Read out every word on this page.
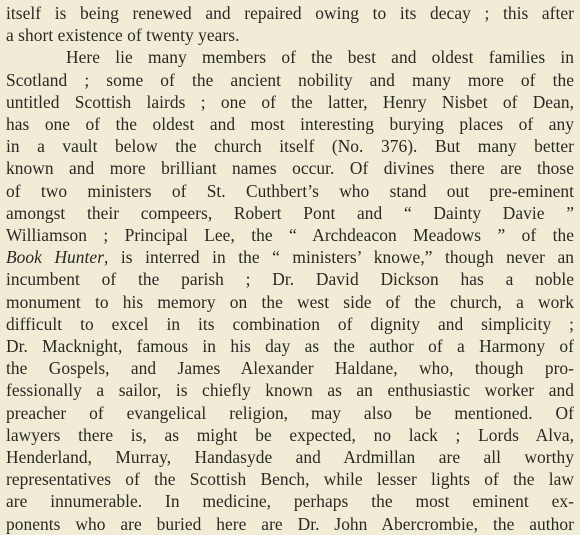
itself is being renewed and repaired owing to its decay ; this after
a short existence of twenty years.
Here lie many members of the best and oldest families in
Scotland ; some of the ancient nobility and many more of the
untitled Scottish lairds ; one of the latter, Henry Nisbet of Dean,
has one of the oldest and most interesting burying places of any
in a vault below the church itself (No. 376). But many better
known and more brilliant names occur. Of divines there are those
of two ministers of St. Cuthbert’s who stand out pre-eminent
amongst their compeers, Robert Pont and “ Dainty Davie ”
Williamson ; Principal Lee, the “ Archdeacon Meadows ” of the
Book Hunter, is interred in the “ ministers’ knowe,” though never an
incumbent of the parish ; Dr. David Dickson has a noble
monument to his memory on the west side of the church, a work
difficult to excel in its combination of dignity and simplicity ;
Dr. Macknight, famous in his day as the author of a Harmony of
the Gospels, and James Alexander Haldane, who, though pro-
fessionally a sailor, is chiefly known as an enthusiastic worker and
preacher of evangelical religion, may also be mentioned. Of
lawyers there is, as might be expected, no lack ; Lords Alva,
Henderland, Murray, Handasyde and Ardmillan are all worthy
representatives of the Scottish Bench, while lesser lights of the law
are innumerable. In medicine, perhaps the most eminent ex-
ponents who are buried here are Dr. John Abercrombie, the author
